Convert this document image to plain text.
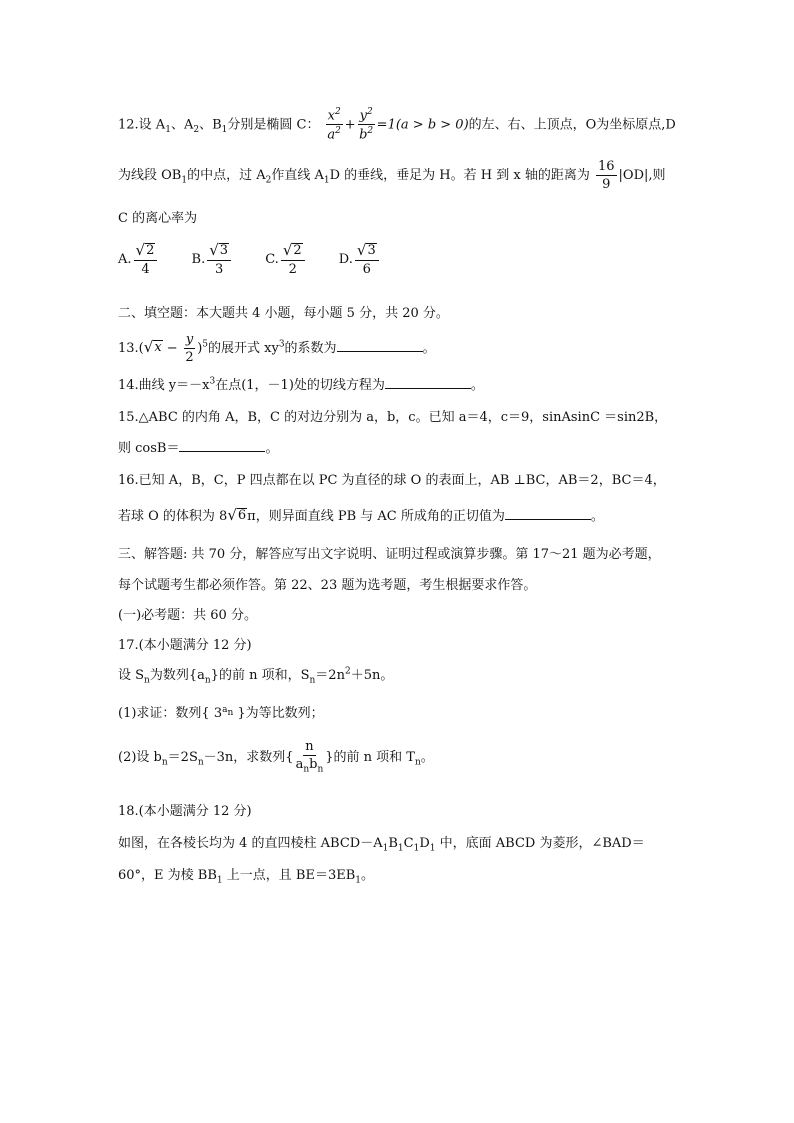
12.设 $A_1$、$A_2$、$B_1$分别是椭圆 C： $\frac{x^2}{a^2} + \frac{y^2}{b^2} =1(a > b > 0)$的左、右、上顶点，O为坐标原点,D
为线段 $OB_1$的中点，过 $A_2$作直线 $A_1D$ 的垂线，垂足为 H。若 H 到 x 轴的距离为 $\frac{16}{9} |OD|$,则
C 的离心率为
A. $\frac{√ 2}{4}$
	B. $\frac{√ 3}{3}$
	C. $\frac{√ 2}{2}$
	D. $\frac{√ 3}{6}$
二、填空题：本大题共 4 小题，每小题 5 分，共 20 分。
13.( √ $x - \frac{y}{2} )^5$的展开式 $xy^3$的系数为	。
14.曲线 $y=-x^3$在点(1，－1)处的切线方程为	。
15.△ABC 的内角 A，B，C 的对边分别为 a，b，c。已知 a＝4，c＝9，sinAsinC ＝sin2B，
则 cosB＝	。
16.已知 A，B，C，P 四点都在以 PC 为直径的球 O 的表面上，AB ⊥BC，AB＝2，BC＝4，
若球 O 的体积为 8 √ 6 π，则异面直线 PB 与 AC 所成角的正切值为	。
三、解答题: 共 70 分，解答应写出文字说明、证明过程或演算步骤。第 17～21 题为必考题，
每个试题考生都必须作答。第 22、23 题为选考题，考生根据要求作答。
(一)必考题：共 60 分。
17.(本小题满分 12 分)
设 $S_n$为数列$\{a_n\}$的前 n 项和，$S_n=2n^2+5n$。
(1)求证：数列{ $3^{a_n}$ }为等比数列；
(2)设 $b_n=2S_n-3n$，求数列{ $\frac{n}{a_nb_n}$ }的前 n 项和 $T_n$。
18.(本小题满分 12 分)
如图，在各棱长均为 4 的直四棱柱 $ABCD-A_1B_1C_1D_1$ 中，底面 ABCD 为菱形，∠BAD＝
60°，E 为棱 $BB_1$ 上一点，且 $BE=3EB_1$。
